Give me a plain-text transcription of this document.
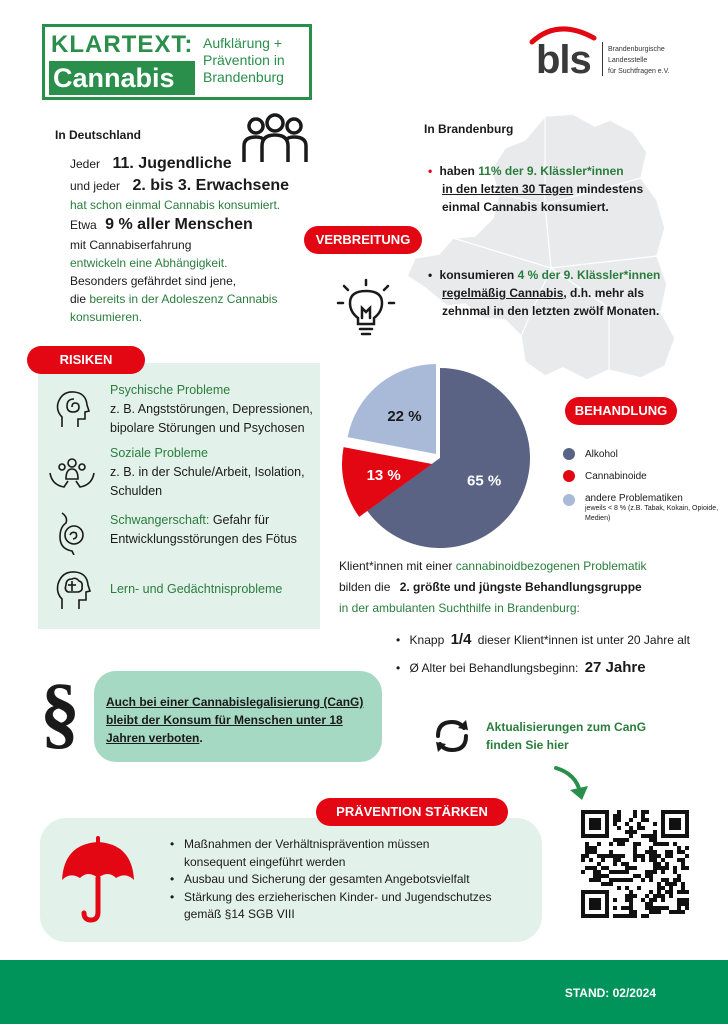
KLARTEXT:
Cannabis
Aufklärung +
Prävention in
Brandenburg	bls Brandenburgische
Landesstelle
für Suchtfragen e.V.
In Deutschland
Jeder 11. Jugendliche
und jeder 2. bis 3. Erwachsene
hat schon einmal Cannabis konsumiert.
Etwa 9 % aller Menschen
mit Cannabiserfahrung
entwickeln eine Abhängigkeit.
Besonders gefährdet sind jene,
die bereits in der Adoleszenz Cannabis
konsumieren.
In Brandenburg
• haben 11% der 9. Klässler*innen
in den letzten 30 Tagen mindestens
einmal Cannabis konsumiert.
VERBREITUNG
• konsumieren 4 % der 9. Klässler*innen
regelmäßig Cannabis, d.h. mehr als
zehnmal in den letzten zwölf Monaten.
Psychische Probleme
z. B. Angststörungen, Depressionen,
bipolare Störungen und Psychosen
Soziale Probleme
z. B. in der Schule/Arbeit, Isolation,
Schulden
Schwangerschaft: Gefahr für
Entwicklungsstörungen des Fötus
Lern- und Gedächtnisprobleme
RISIKEN
65 %
13 %
22 %	BEHANDLUNG
Alkohol
Cannabinoide
andere Problematiken
jeweils < 8 % (z.B. Tabak, Kokain, Opioide, Medien)
Klient*innen mit einer cannabinoidbezogenen Problematik
bilden die 2. größte und jüngste Behandlungsgruppe
in der ambulanten Suchthilfe in Brandenburg:
• Knapp 1/4 dieser Klient*innen ist unter 20 Jahre alt
• Ø Alter bei Behandlungsbeginn: 27 Jahre
§ Auch bei einer Cannabislegalisierung (CanG)
bleibt der Konsum für Menschen unter 18
Jahren verboten.
Aktualisierungen zum CanG
finden Sie hier
• Maßnahmen der Verhältnisprävention müssen
konsequent eingeführt werden
• Ausbau und Sicherung der gesamten Angebotsvielfalt
• Stärkung des erzieherischen Kinder- und Jugendschutzes
gemäß §14 SGB VIII
PRÄVENTION STÄRKEN
STAND: 02/2024
